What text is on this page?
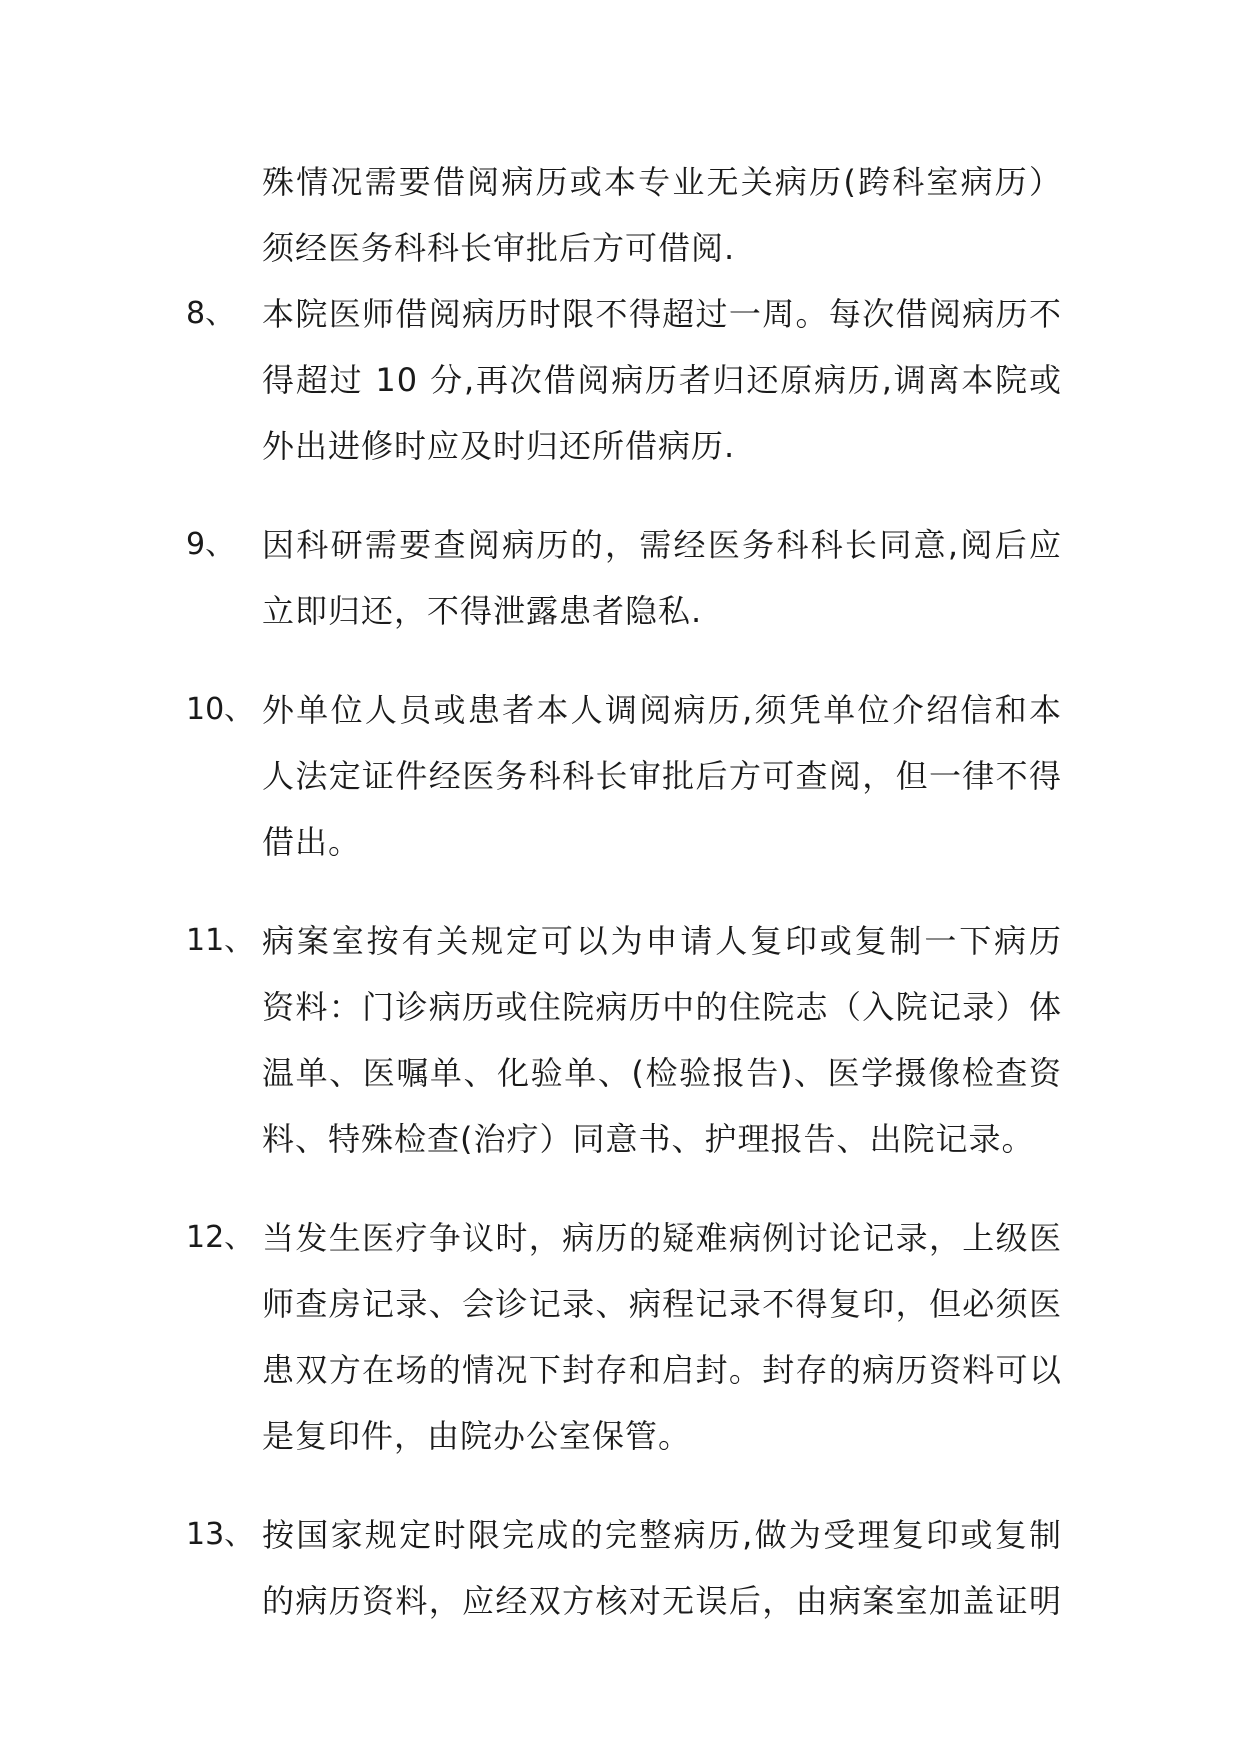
殊情况需要借阅病历或本专业无关病历(跨科室病历）
须经医务科科长审批后方可借阅.
8、 本院医师借阅病历时限不得超过一周。每次借阅病历不
得超过 10 分,再次借阅病历者归还原病历,调离本院或
外出进修时应及时归还所借病历.
9、 因科研需要查阅病历的，需经医务科科长同意,阅后应
立即归还，不得泄露患者隐私.
10、 外单位人员或患者本人调阅病历,须凭单位介绍信和本
人法定证件经医务科科长审批后方可查阅，但一律不得
借出。
11、 病案室按有关规定可以为申请人复印或复制一下病历
资料：门诊病历或住院病历中的住院志（入院记录）体
温单、医嘱单、化验单、(检验报告)、医学摄像检查资
料、特殊检查(治疗）同意书、护理报告、出院记录。
12、 当发生医疗争议时，病历的疑难病例讨论记录，上级医
师查房记录、会诊记录、病程记录不得复印，但必须医
患双方在场的情况下封存和启封。封存的病历资料可以
是复印件，由院办公室保管。
13、 按国家规定时限完成的完整病历,做为受理复印或复制
的病历资料，应经双方核对无误后，由病案室加盖证明
